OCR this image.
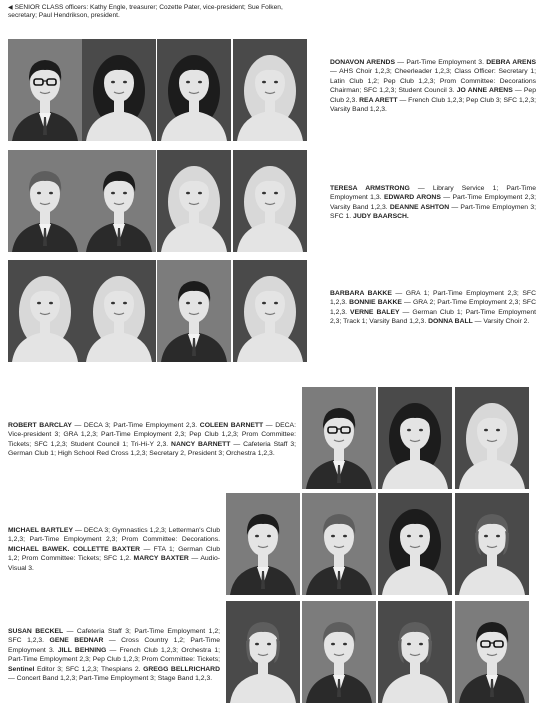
◀ SENIOR CLASS officers: Kathy Engle, treasurer; Cozette Pater, vice-president; Sue Folken, secretary; Paul Hendrikson, president.
DONAVON ARENDS — Part-Time Employment 3. DEBRA ARENS — AHS Choir 1,2,3; Cheerleader 1,2,3; Class Officer: Secretary 1; Latin Club 1,2; Pep Club 1,2,3; Prom Committee: Decorations Chairman; SFC 1,2,3; Student Council 3. JO ANNE ARENS — Pep Club 2,3. REA ARETT — French Club 1,2,3; Pep Club 3; SFC 1,2,3; Varsity Band 1,2,3.
TERESA ARMSTRONG — Library Service 1; Part-Time Employment 1,3. EDWARD ARONS — Part-Time Employment 2,3; Varsity Band 1,2,3. DEANNE ASHTON — Part-Time Employmen 3; SFC 1. JUDY BAARSCH.
BARBARA BAKKE — GRA 1; Part-Time Employment 2,3; SFC 1,2,3. BONNIE BAKKE — GRA 2; Part-Time Employment 2,3; SFC 1,2,3. VERNE BALEY — German Club 1; Part-Time Employment 2,3; Track 1; Varsity Band 1,2,3. DONNA BALL — Varsity Choir 2.
ROBERT BARCLAY — DECA 3; Part-Time Employment 2,3. COLEEN BARNETT — DECA: Vice-president 3; GRA 1,2,3; Part-Time Employment 2,3; Pep Club 1,2,3; Prom Committee: Tickets; SFC 1,2,3; Student Council 1; Tri-Hi-Y 2,3. NANCY BARNETT — Cafeteria Staff 3; German Club 1; High School Red Cross 1,2,3; Secretary 2, President 3; Orchestra 1,2,3.
MICHAEL BARTLEY — DECA 3; Gymnastics 1,2,3; Letterman's Club 1,2,3; Part-Time Employment 2,3; Prom Committee: Decorations. MICHAEL BAWEK. COLLETTE BAXTER — FTA 1; German Club 1,2; Prom Committee: Tickets; SFC 1,2. MARCY BAXTER — Audio-Visual 3.
SUSAN BECKEL — Cafeteria Staff 3; Part-Time Employment 1,2; SFC 1,2,3. GENE BEDNAR — Cross Country 1,2; Part-Time Employment 3. JILL BEHNING — French Club 1,2,3; Orchestra 1; Part-Time Employment 2,3; Pep Club 1,2,3; Prom Committee: Tickets; Sentinel Editor 3; SFC 1,2,3; Thespians 2. GREGG BELLRICHARD — Concert Band 1,2,3; Part-Time Employment 3; Stage Band 1,2,3.
